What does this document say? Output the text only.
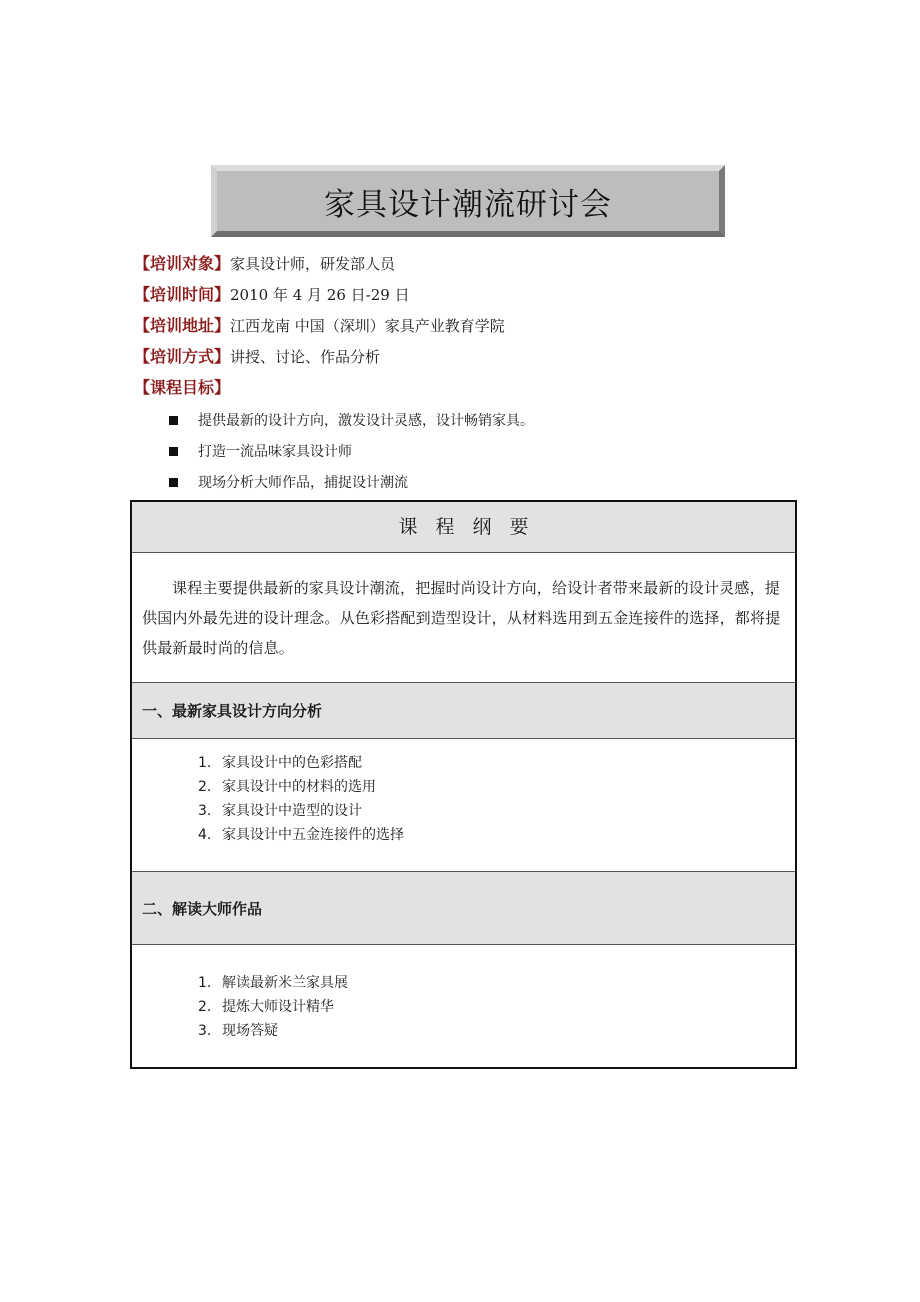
家具设计潮流研讨会
【培训对象】家具设计师，研发部人员
【培训时间】2010 年 4 月 26 日-29 日
【培训地址】江西龙南 中国（深圳）家具产业教育学院
【培训方式】讲授、讨论、作品分析
【课程目标】
提供最新的设计方向，激发设计灵感，设计畅销家具。
打造一流品味家具设计师
现场分析大师作品，捕捉设计潮流
课程纲要
课程主要提供最新的家具设计潮流，把握时尚设计方向，给设计者带来最新的设计灵感，提供国内外最先进的设计理念。从色彩搭配到造型设计，从材料选用到五金连接件的选择，都将提供最新最时尚的信息。
一、最新家具设计方向分析
1. 家具设计中的色彩搭配
2. 家具设计中的材料的选用
3. 家具设计中造型的设计
4. 家具设计中五金连接件的选择
二、解读大师作品
1. 解读最新米兰家具展
2. 提炼大师设计精华
3. 现场答疑
